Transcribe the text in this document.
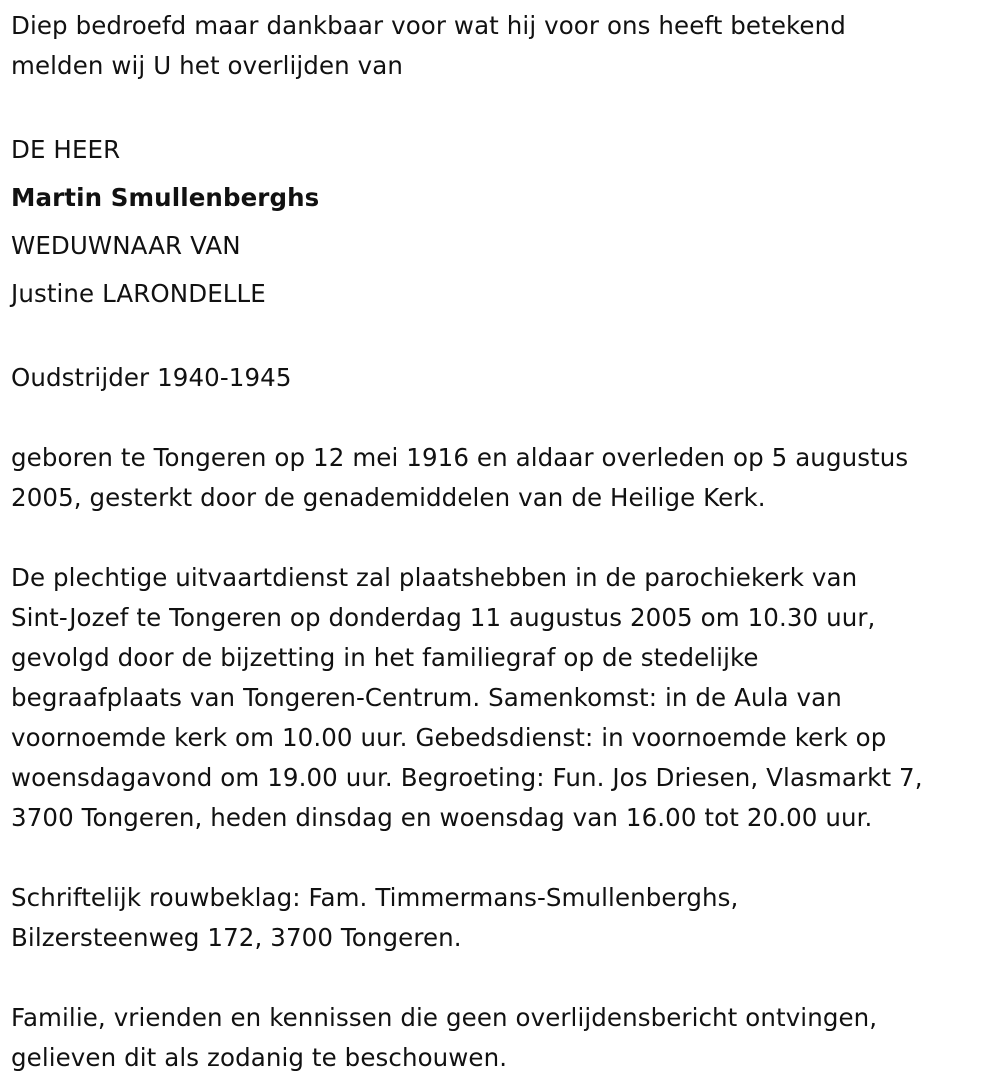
Diep bedroefd maar dankbaar voor wat hij voor ons heeft betekend

melden wij U het overlijden van

DE HEER

Martin Smullenberghs

WEDUWNAAR VAN

Justine LARONDELLE

Oudstrijder 1940-1945

geboren te Tongeren op 12 mei 1916 en aldaar overleden op 5 augustus

2005, gesterkt door de genademiddelen van de Heilige Kerk.

De plechtige uitvaartdienst zal plaatshebben in de parochiekerk van

Sint-Jozef te Tongeren op donderdag 11 augustus 2005 om 10.30 uur,

gevolgd door de bijzetting in het familiegraf op de stedelijke

begraafplaats van Tongeren-Centrum. Samenkomst: in de Aula van

voornoemde kerk om 10.00 uur. Gebedsdienst: in voornoemde kerk op

woensdagavond om 19.00 uur. Begroeting: Fun. Jos Driesen, Vlasmarkt 7,

3700 Tongeren, heden dinsdag en woensdag van 16.00 tot 20.00 uur.

Schriftelijk rouwbeklag: Fam. Timmermans-Smullenberghs,

Bilzersteenweg 172, 3700 Tongeren.

Familie, vrienden en kennissen die geen overlijdensbericht ontvingen,

gelieven dit als zodanig te beschouwen.
